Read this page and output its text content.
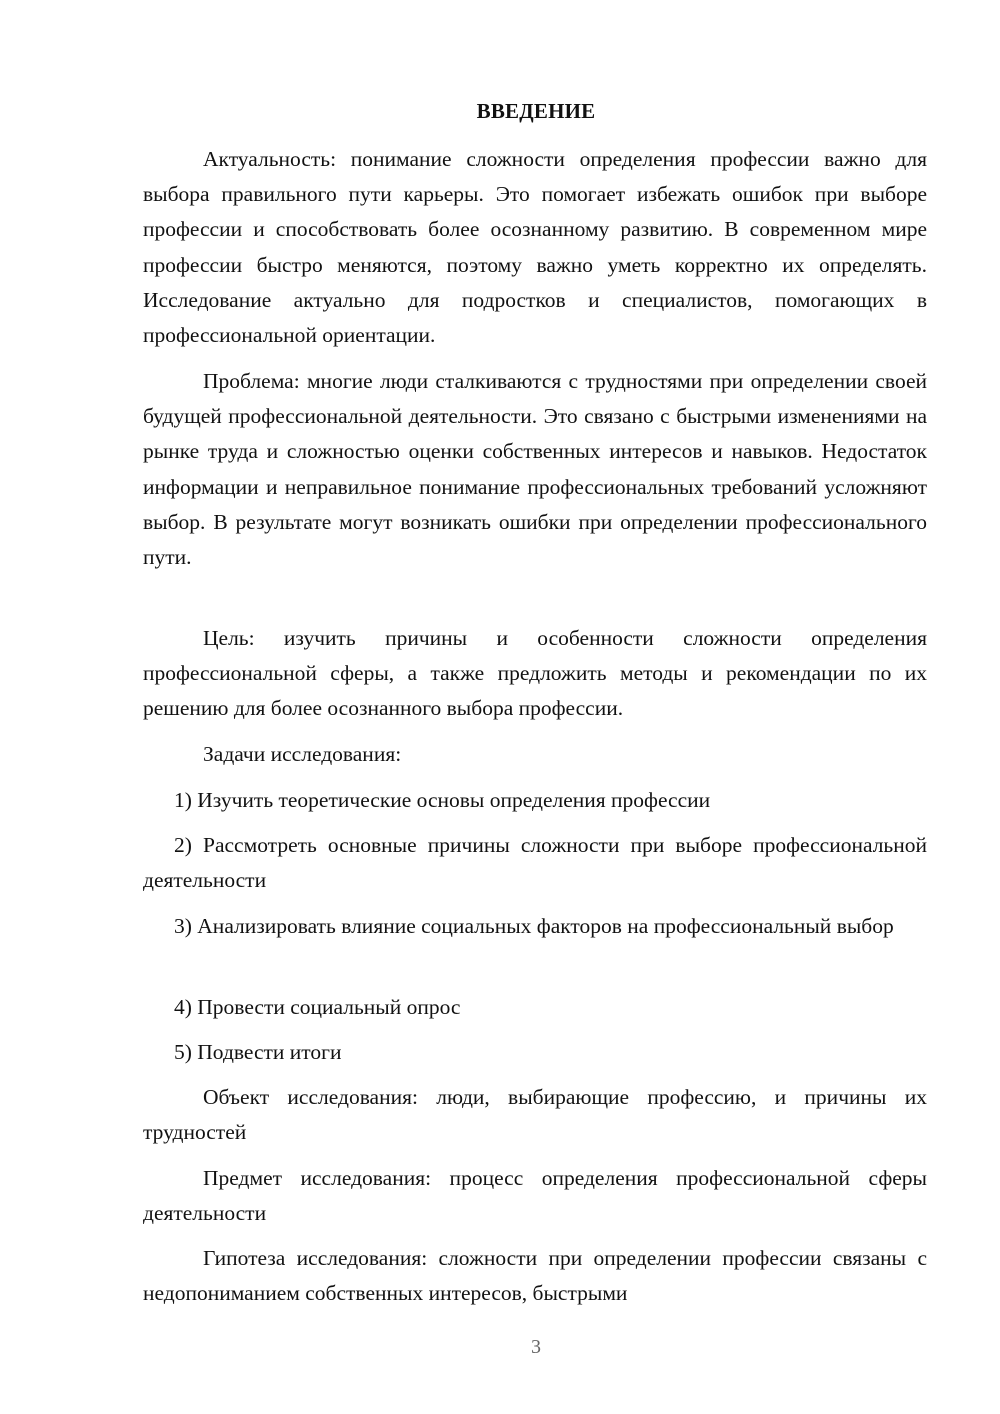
ВВЕДЕНИЕ

Актуальность: понимание сложности определения профессии важно для выбора правильного пути карьеры. Это помогает избежать ошибок при выборе профессии и способствовать более осознанному развитию. В современном мире профессии быстро меняются, поэтому важно уметь корректно их определять. Исследование актуально для подростков и специалистов, помогающих в профессиональной ориентации.

Проблема: многие люди сталкиваются с трудностями при определении своей будущей профессиональной деятельности. Это связано с быстрыми изменениями на рынке труда и сложностью оценки собственных интересов и навыков. Недостаток информации и неправильное понимание профессиональных требований усложняют выбор. В результате могут возникать ошибки при определении профессионального пути.

Цель: изучить причины и особенности сложности определения профессиональной сферы, а также предложить методы и рекомендации по их решению для более осознанного выбора профессии.

Задачи исследования:

1) Изучить теоретические основы определения профессии

2) Рассмотреть основные причины сложности при выборе профессиональной деятельности

3) Анализировать влияние социальных факторов на профессиональный выбор

4) Провести социальный опрос

5) Подвести итоги

Объект исследования: люди, выбирающие профессию, и причины их трудностей

Предмет исследования: процесс определения профессиональной сферы деятельности

Гипотеза исследования: сложности при определении профессии связаны с недопониманием собственных интересов, быстрыми

3
